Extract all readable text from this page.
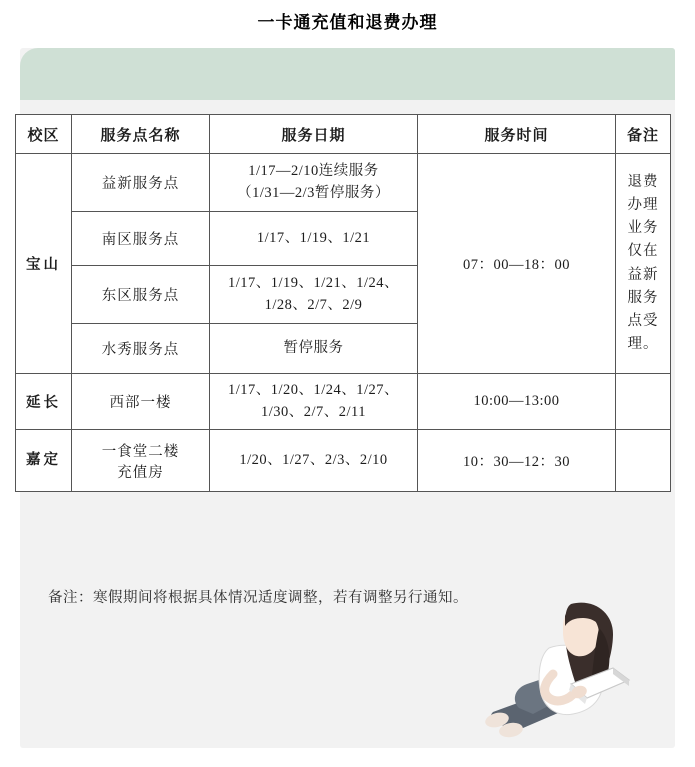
一卡通充值和退费办理
校区	服务点名称	服务日期	服务时间	备注
宝山	益新服务点	1/17—2/10连续服务
（1/31—2/3暂停服务）	07：00—18：00	退费办理业务仅在益新服务点受理。
	南区服务点	1/17、1/19、1/21		

	东区服务点	1/17、1/19、1/21、1/24、
1/28、2/7、2/9		

	水秀服务点	暂停服务		

延长	西部一楼	1/17、1/20、1/24、1/27、
1/30、2/7、2/11	10:00—13:00	
嘉定	一食堂二楼
充值房	1/20、1/27、2/3、2/10	10：30—12：30	
备注：寒假期间将根据具体情况适度调整，若有调整另行通知。
